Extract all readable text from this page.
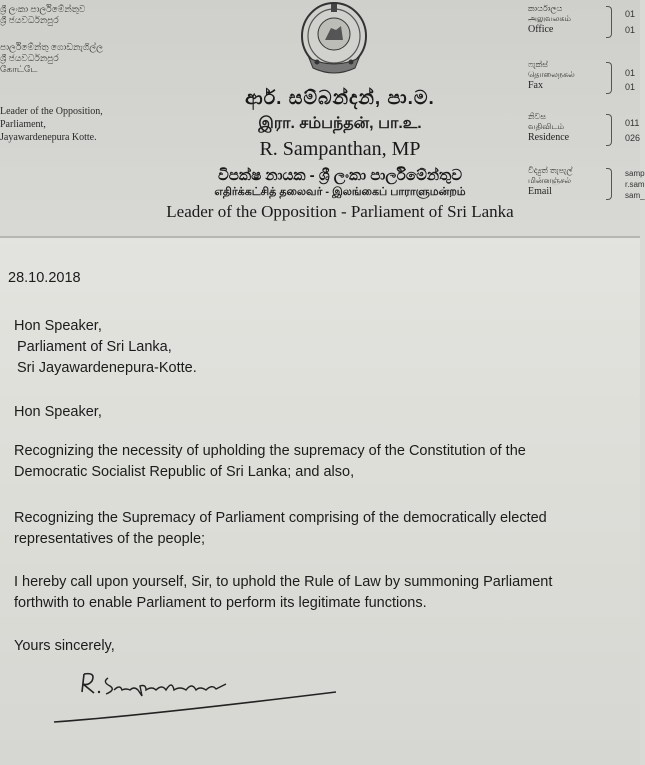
ශ්‍රී ලංකා පාර්ලිමේන්තුව
ශ්‍රී ජයවර්ධනපුර
පාර්ලිමේන්තු ගොඩනැගිල්ල
ශ්‍රී ජයවර්ධනපුර
கோட்டே
Leader of the Opposition,
Parliament,
Jayawardenepura Kotte.
ආර්. සම්බන්දන්, පා.ම.
இரா. சம்பந்தன், பா.உ.
R. Sampanthan, MP
විපක්ෂ නායක - ශ්‍රී ලංකා පාර්ලිමේන්තුව
எதிர்க்கட்சித் தலைவர் - இலங்கைப் பாராளுமன்றம்
Leader of the Opposition - Parliament of Sri Lanka
කාර්යාලය
அலுவலகம்
Office
01
01
ෆැක්ස්
தொலைநகல்
Fax
01
01
නිවස
வதிவிடம்
Residence
011
026
විද්‍යුත් තැපැල්
மின்னஞ்சல்
Email
samp
r.sam
sam_
28.10.2018
Hon Speaker,
Parliament of Sri Lanka,
Sri Jayawardenepura-Kotte.
Hon Speaker,
Recognizing the necessity of upholding the supremacy of the Constitution of the
Democratic Socialist Republic of Sri Lanka; and also,
Recognizing the Supremacy of Parliament comprising of the democratically elected
representatives of the people;
I hereby call upon yourself, Sir, to uphold the Rule of Law by summoning Parliament
forthwith to enable Parliament to perform its legitimate functions.
Yours sincerely,
